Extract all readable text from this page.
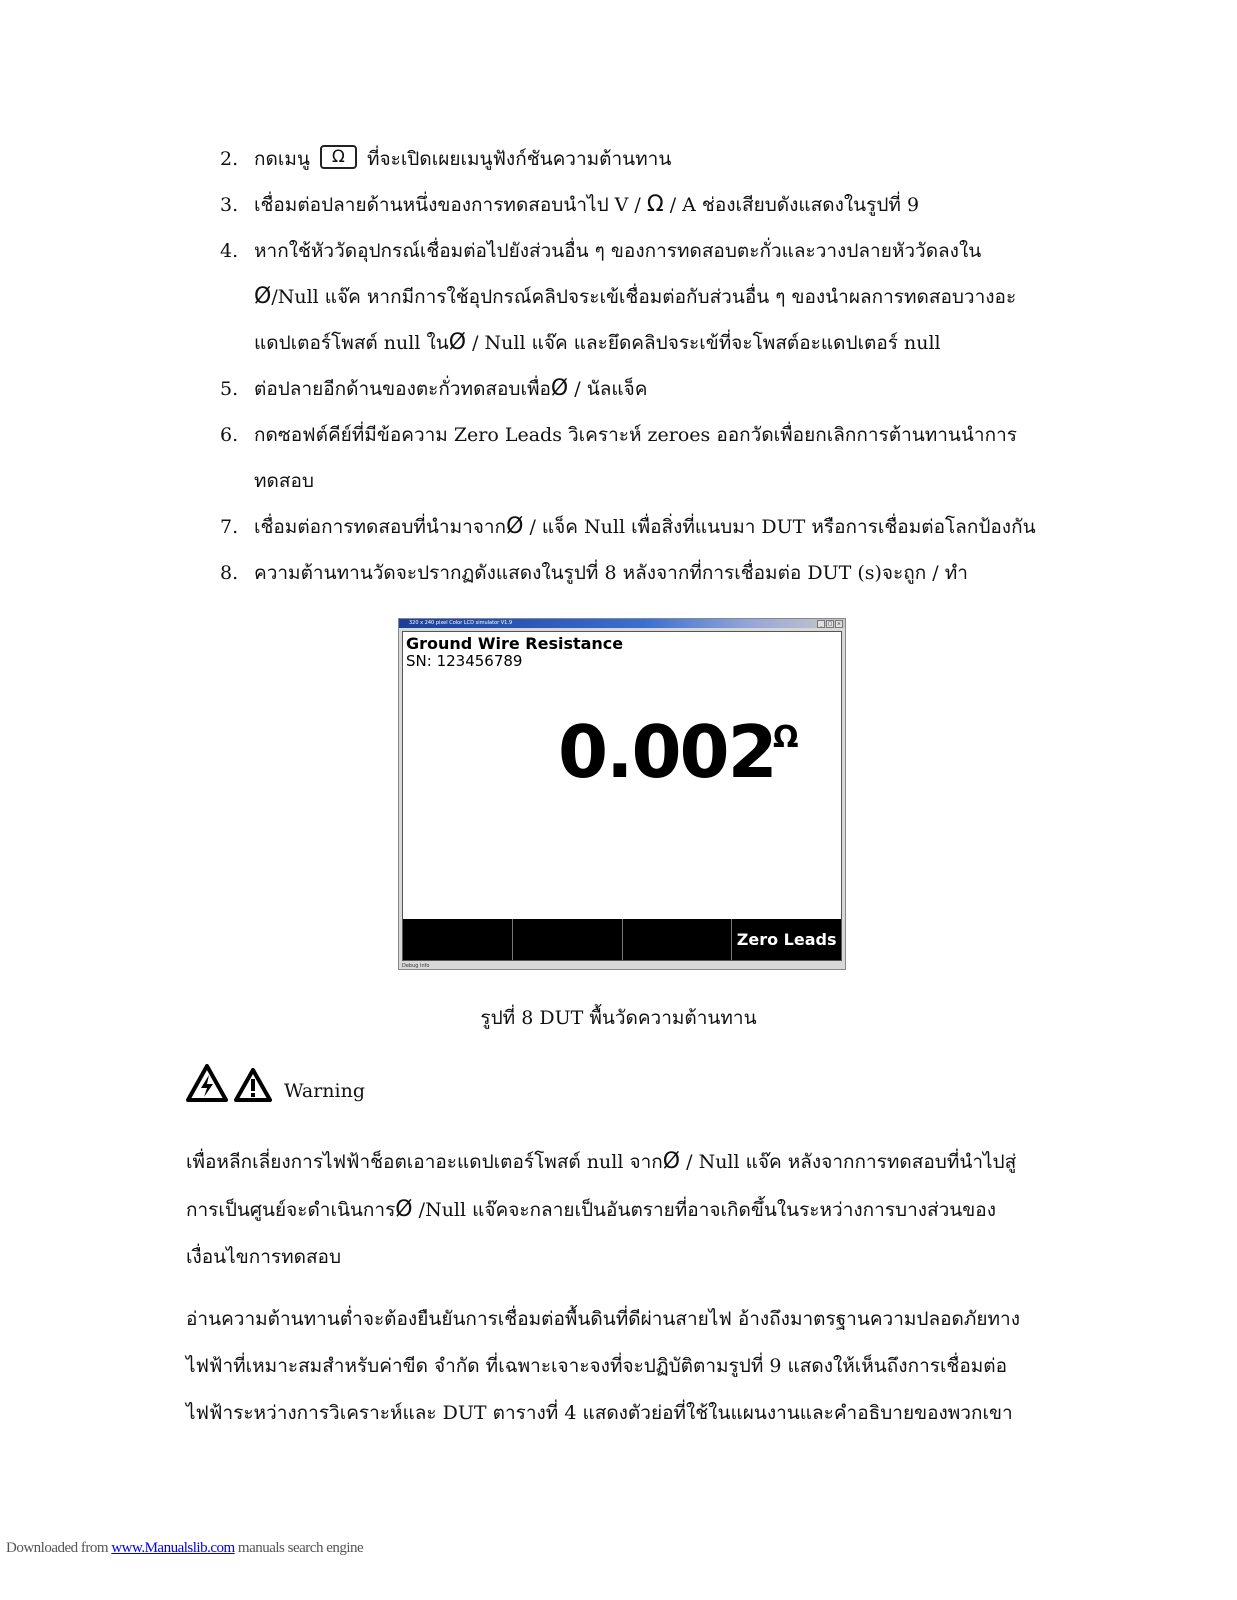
2. กดเมนู Ω ที่จะเปิดเผยเมนูฟังก์ชันความต้านทาน
3. เชื่อมต่อปลายด้านหนึ่งของการทดสอบนำไป V / Ω / A ช่องเสียบดังแสดงในรูปที่ 9
4. หากใช้หัววัดอุปกรณ์เชื่อมต่อไปยังส่วนอื่น ๆ ของการทดสอบตะกั่วและวางปลายหัววัดลงใน Ø/Null แจ๊ค หากมีการใช้อุปกรณ์คลิปจระเข้เชื่อมต่อกับส่วนอื่น ๆ ของนำผลการทดสอบวางอะแดปเตอร์โพสต์ null ในØ / Null แจ๊ค และยึดคลิปจระเข้ที่จะโพสต์อะแดปเตอร์ null
5. ต่อปลายอีกด้านของตะกั่วทดสอบเพื่อØ / นัลแจ็ค
6. กดซอฟต์คีย์ที่มีข้อความ Zero Leads วิเคราะห์ zeroes ออกวัดเพื่อยกเลิกการต้านทานนำการทดสอบ
7. เชื่อมต่อการทดสอบที่นำมาจากØ / แจ็ค Null เพื่อสิ่งที่แนบมา DUT หรือการเชื่อมต่อโลกป้องกัน
8. ความต้านทานวัดจะปรากฏดังแสดงในรูปที่ 8 หลังจากที่การเชื่อมต่อ DUT (s)จะถูก / ทำ
320 x 240 pixel Color LCD simulator V1.9	_	□ ×
Ground Wire Resistance
SN: 123456789
0.002
Ω
Zero Leads
Debug Info
รูปที่ 8 DUT พื้นวัดความต้านทาน
Warning

เพื่อหลีกเลี่ยงการไฟฟ้าช็อตเอาอะแดปเตอร์โพสต์ null จากØ / Null แจ๊ค หลังจากการทดสอบที่นำไปสู่การเป็นศูนย์จะดำเนินการØ /Null แจ๊คจะกลายเป็นอันตรายที่อาจเกิดขึ้นในระหว่างการบางส่วนของเงื่อนไขการทดสอบ

อ่านความต้านทานต่ำจะต้องยืนยันการเชื่อมต่อพื้นดินที่ดีผ่านสายไฟ อ้างถึงมาตรฐานความปลอดภัยทางไฟฟ้าที่เหมาะสมสำหรับค่าขีด จำกัด ที่เฉพาะเจาะจงที่จะปฏิบัติตามรูปที่ 9 แสดงให้เห็นถึงการเชื่อมต่อไฟฟ้าระหว่างการวิเคราะห์และ DUT ตารางที่ 4 แสดงตัวย่อที่ใช้ในแผนงานและคำอธิบายของพวกเขา

Downloaded from www.Manualslib.com manuals search engine
